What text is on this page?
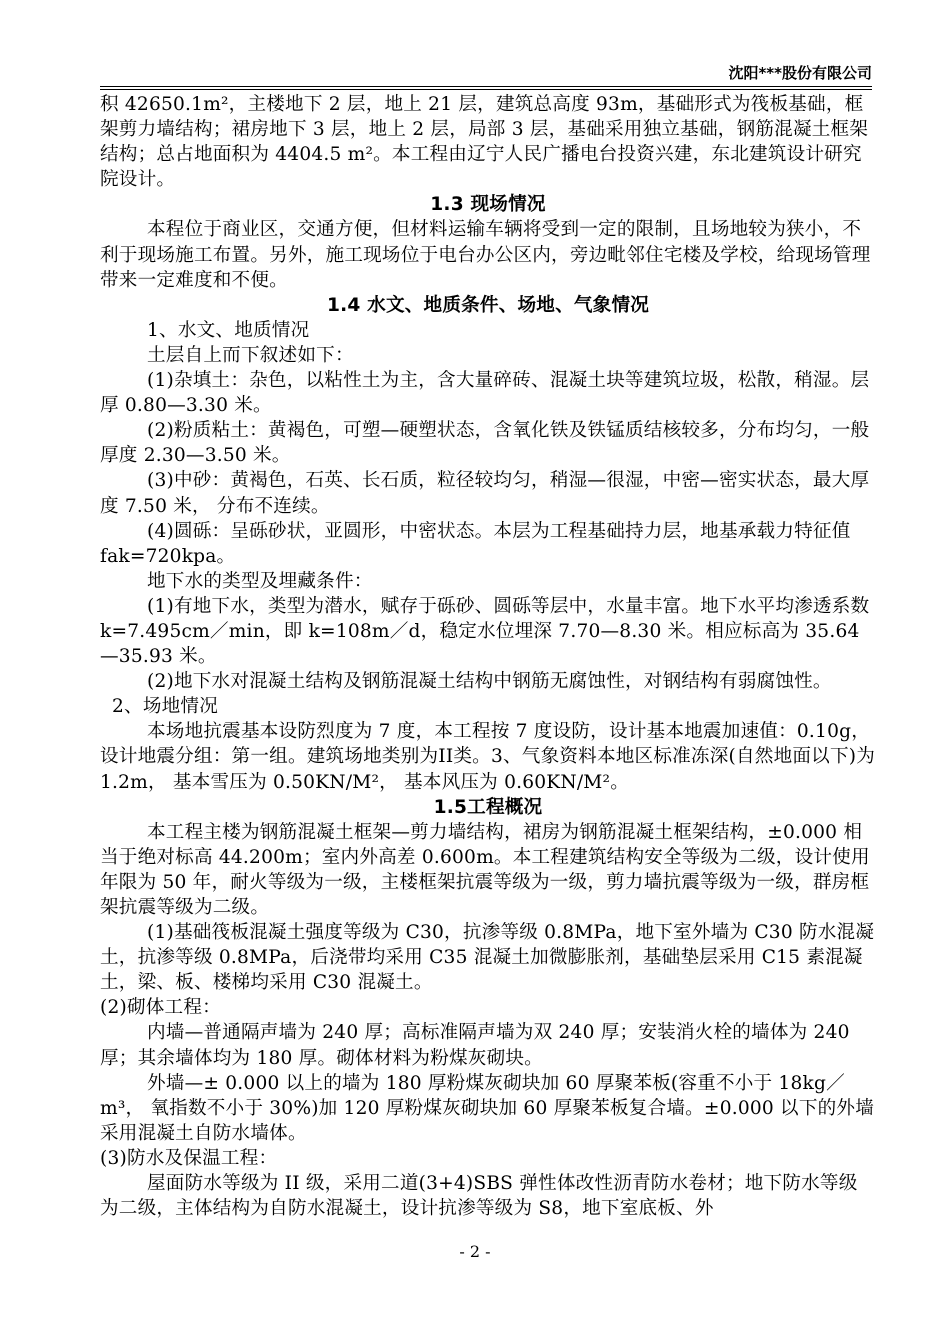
沈阳***股份有限公司

积 42650.1m²，主楼地下 2 层，地上 21 层，建筑总高度 93m，基础形式为筏板基础，框架剪力墙结构；裙房地下 3 层，地上 2 层，局部 3 层，基础采用独立基础，钢筋混凝土框架结构；总占地面积为 4404.5 m²。本工程由辽宁人民广播电台投资兴建，东北建筑设计研究院设计。

1.3 现场情况

本程位于商业区，交通方便，但材料运输车辆将受到一定的限制，且场地较为狭小，不利于现场施工布置。另外，施工现场位于电台办公区内，旁边毗邻住宅楼及学校，给现场管理带来一定难度和不便。

1.4 水文、地质条件、场地、气象情况

1、水文、地质情况

土层自上而下叙述如下：

(1)杂填土：杂色，以粘性土为主，含大量碎砖、混凝土块等建筑垃圾，松散，稍湿。层厚 0.80—3.30 米。

(2)粉质粘土：黄褐色，可塑—硬塑状态，含氧化铁及铁锰质结核较多，分布均匀，一般厚度 2.30—3.50 米。

(3)中砂：黄褐色，石英、长石质，粒径较均匀，稍湿—很湿，中密—密实状态，最大厚度 7.50 米， 分布不连续。

(4)圆砾：呈砾砂状，亚圆形，中密状态。本层为工程基础持力层，地基承载力特征值 fak=720kpa。

地下水的类型及埋藏条件：

(1)有地下水，类型为潜水，赋存于砾砂、圆砾等层中，水量丰富。地下水平均渗透系数 k=7.495cm／min，即 k=108m／d，稳定水位埋深 7.70—8.30 米。相应标高为 35.64—35.93 米。

(2)地下水对混凝土结构及钢筋混凝土结构中钢筋无腐蚀性，对钢结构有弱腐蚀性。

2、场地情况

本场地抗震基本设防烈度为 7 度，本工程按 7 度设防，设计基本地震加速值：0.10g，设计地震分组：第一组。建筑场地类别为II类。3、气象资料本地区标准冻深(自然地面以下)为 1.2m， 基本雪压为 0.50KN/M²， 基本风压为 0.60KN/M²。

1.5工程概况

本工程主楼为钢筋混凝土框架—剪力墙结构，裙房为钢筋混凝土框架结构，±0.000 相当于绝对标高 44.200m；室内外高差 0.600m。本工程建筑结构安全等级为二级，设计使用年限为 50 年，耐火等级为一级，主楼框架抗震等级为一级，剪力墙抗震等级为一级，群房框架抗震等级为二级。

(1)基础筏板混凝土强度等级为 C30，抗渗等级 0.8MPa，地下室外墙为 C30 防水混凝土，抗渗等级 0.8MPa，后浇带均采用 C35 混凝土加微膨胀剂，基础垫层采用 C15 素混凝土，梁、板、楼梯均采用 C30 混凝土。

(2)砌体工程：

内墙—普通隔声墙为 240 厚；高标准隔声墙为双 240 厚；安装消火栓的墙体为 240 厚；其余墙体均为 180 厚。砌体材料为粉煤灰砌块。

外墙—± 0.000 以上的墙为 180 厚粉煤灰砌块加 60 厚聚苯板(容重不小于 18kg／m³， 氧指数不小于 30%)加 120 厚粉煤灰砌块加 60 厚聚苯板复合墙。±0.000 以下的外墙采用混凝土自防水墙体。

(3)防水及保温工程：

屋面防水等级为 II 级，采用二道(3+4)SBS 弹性体改性沥青防水卷材；地下防水等级为二级，主体结构为自防水混凝土，设计抗渗等级为 S8，地下室底板、外

- 2 -
